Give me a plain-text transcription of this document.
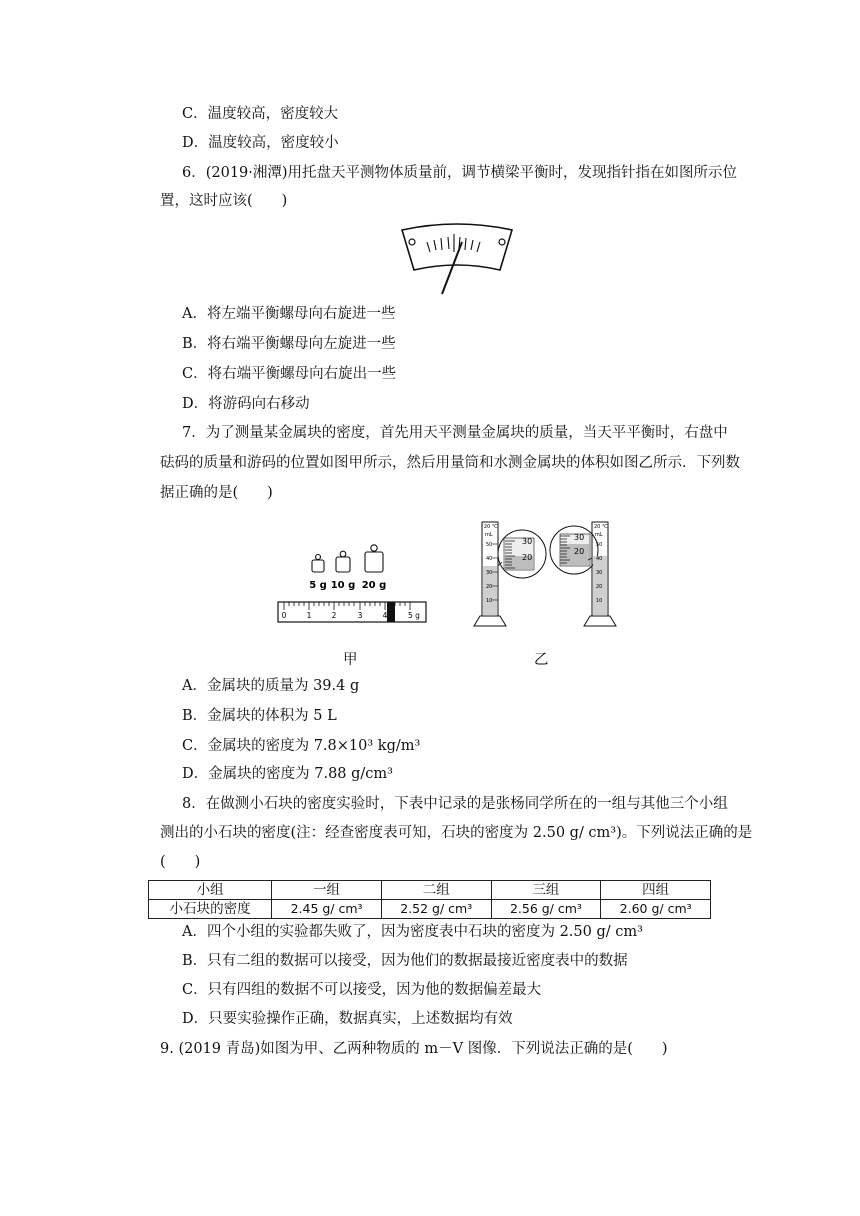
C．温度较高，密度较大
D．温度较高，密度较小
6．(2019·湘潭)用托盘天平测物体质量前，调节横梁平衡时，发现指针指在如图所示位
置，这时应该(　　)
A．将左端平衡螺母向右旋进一些
B．将右端平衡螺母向左旋进一些
C．将右端平衡螺母向右旋出一些
D．将游码向右移动
7．为了测量某金属块的密度，首先用天平测量金属块的质量，当天平平衡时，右盘中
砝码的质量和游码的位置如图甲所示，然后用量筒和水测金属块的体积如图乙所示．下列数
据正确的是(　　)
5 g 10 g 20 g
0	1	2	3	4	5 g
20 ℃
mL
50
40
30
20
10
30
20
30
20
20 ℃
mL
50
40
30
20
10
甲	乙
A．金属块的质量为 39.4 g
B．金属块的体积为 5 L
C．金属块的密度为 7.8×10³ kg/m³
D．金属块的密度为 7.88 g/cm³
8．在做测小石块的密度实验时，下表中记录的是张杨同学所在的一组与其他三个小组
测出的小石块的密度(注：经查密度表可知，石块的密度为 2.50 g/ cm³)。下列说法正确的是
(　　)
小组	一组	二组	三组	四组
小石块的密度	2.45 g/ cm³	2.52 g/ cm³	2.56 g/ cm³	2.60 g/ cm³
A．四个小组的实验都失败了，因为密度表中石块的密度为 2.50 g/ cm³
B．只有二组的数据可以接受，因为他们的数据最接近密度表中的数据
C．只有四组的数据不可以接受，因为他的数据偏差最大
D．只要实验操作正确，数据真实，上述数据均有效
9. (2019 青岛)如图为甲、乙两种物质的 m－V 图像．下列说法正确的是(　　)
